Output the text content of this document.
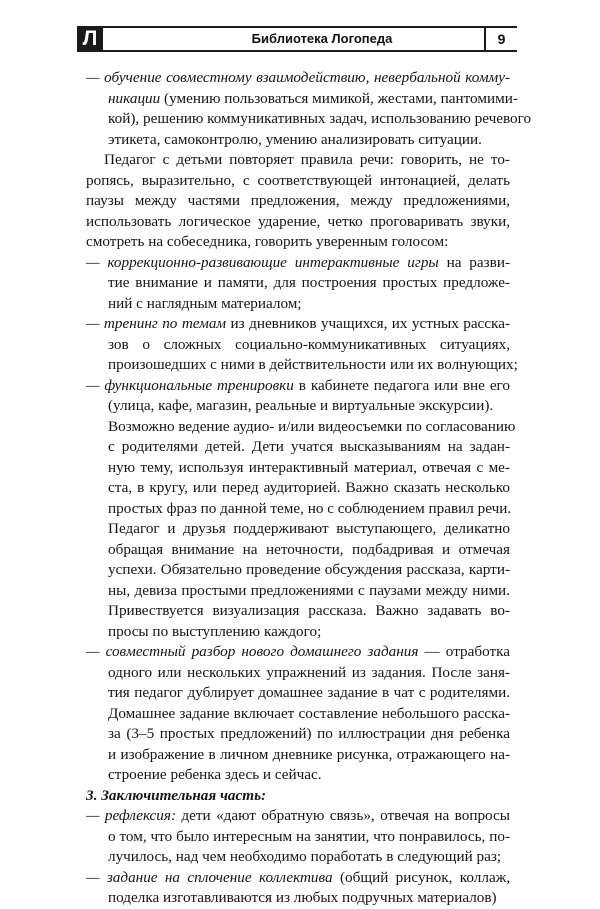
Л	Библиотека Логопеда	9
— обучение совместному взаимодействию, невербальной комму-
никации (умению пользоваться мимикой, жестами, пантомими-
кой), решению коммуникативных задач, использованию речевого
этикета, самоконтролю, умению анализировать ситуации.
Педагог с детьми повторяет правила речи: говорить, не то-
ропясь, выразительно, с соответствующей интонацией, делать
паузы между частями предложения, между предложениями,
использовать логическое ударение, четко проговаривать звуки,
смотреть на собеседника, говорить уверенным голосом:
— коррекционно-развивающие интерактивные игры на разви-
тие внимание и памяти, для построения простых предложе-
ний с наглядным материалом;
— тренинг по темам из дневников учащихся, их устных расска-
зов о сложных социально-коммуникативных ситуациях,
произошедших с ними в действительности или их волнующих;
— функциональные тренировки в кабинете педагога или вне его
(улица, кафе, магазин, реальные и виртуальные экскурсии).
Возможно ведение аудио- и/или видеосъемки по согласованию
с родителями детей. Дети учатся высказываниям на задан-
ную тему, используя интерактивный материал, отвечая с ме-
ста, в кругу, или перед аудиторией. Важно сказать несколько
простых фраз по данной теме, но с соблюдением правил речи.
Педагог и друзья поддерживают выступающего, деликатно
обращая внимание на неточности, подбадривая и отмечая
успехи. Обязательно проведение обсуждения рассказа, карти-
ны, девиза простыми предложениями с паузами между ними.
Привествуется визуализация рассказа. Важно задавать во-
просы по выступлению каждого;
— совместный разбор нового домашнего задания — отработка
одного или нескольких упражнений из задания. После заня-
тия педагог дублирует домашнее задание в чат с родителями.
Домашнее задание включает составление небольшого расска-
за (3–5 простых предложений) по иллюстрации дня ребенка
и изображение в личном дневнике рисунка, отражающего на-
строение ребенка здесь и сейчас.
3. Заключительная часть:
— рефлексия: дети «дают обратную связь», отвечая на вопросы
о том, что было интересным на занятии, что понравилось, по-
лучилось, над чем необходимо поработать в следующий раз;
— задание на сплочение коллектива (общий рисунок, коллаж,
поделка изготавливаются из любых подручных материалов)
